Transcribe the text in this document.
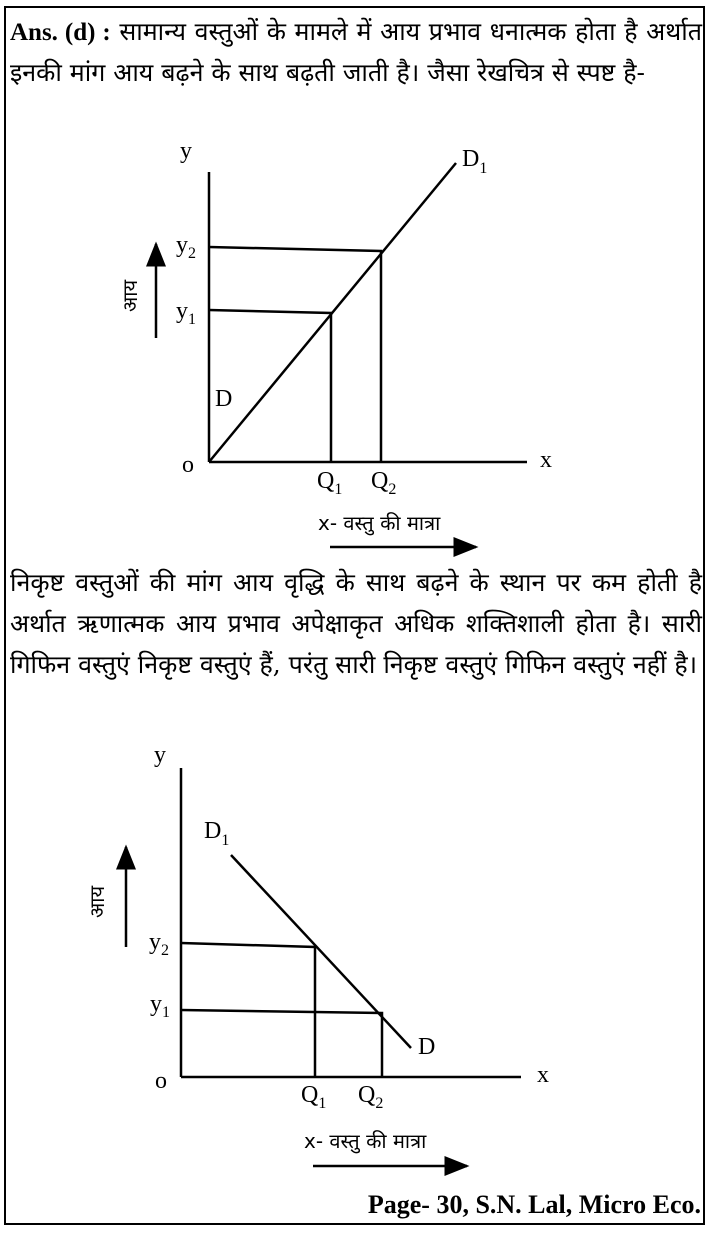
Ans. (d) : सामान्य वस्तुओं के मामले में आय प्रभाव धनात्मक होता है अर्थात इनकी मांग आय बढ़ने के साथ बढ़ती जाती है। जैसा रेखचित्र से स्पष्ट है-
y
x
o
D
$D_1$
$y_2$
$y_1$
$Q_1$ $Q_2$
आय
x- वस्तु की मात्रा
y
x
o
$D_1$
D
$y_2$
$y_1$
$Q_1$ $Q_2$
आय
x- वस्तु की मात्रा
निकृष्ट वस्तुओं की मांग आय वृद्धि के साथ बढ़ने के स्थान पर कम होती है अर्थात ऋणात्मक आय प्रभाव अपेक्षाकृत अधिक शक्तिशाली होता है। सारी गिफिन वस्तुएं निकृष्ट वस्तुएं हैं, परंतु सारी निकृष्ट वस्तुएं गिफिन वस्तुएं नहीं है।
Page- 30, S.N. Lal, Micro Eco.
